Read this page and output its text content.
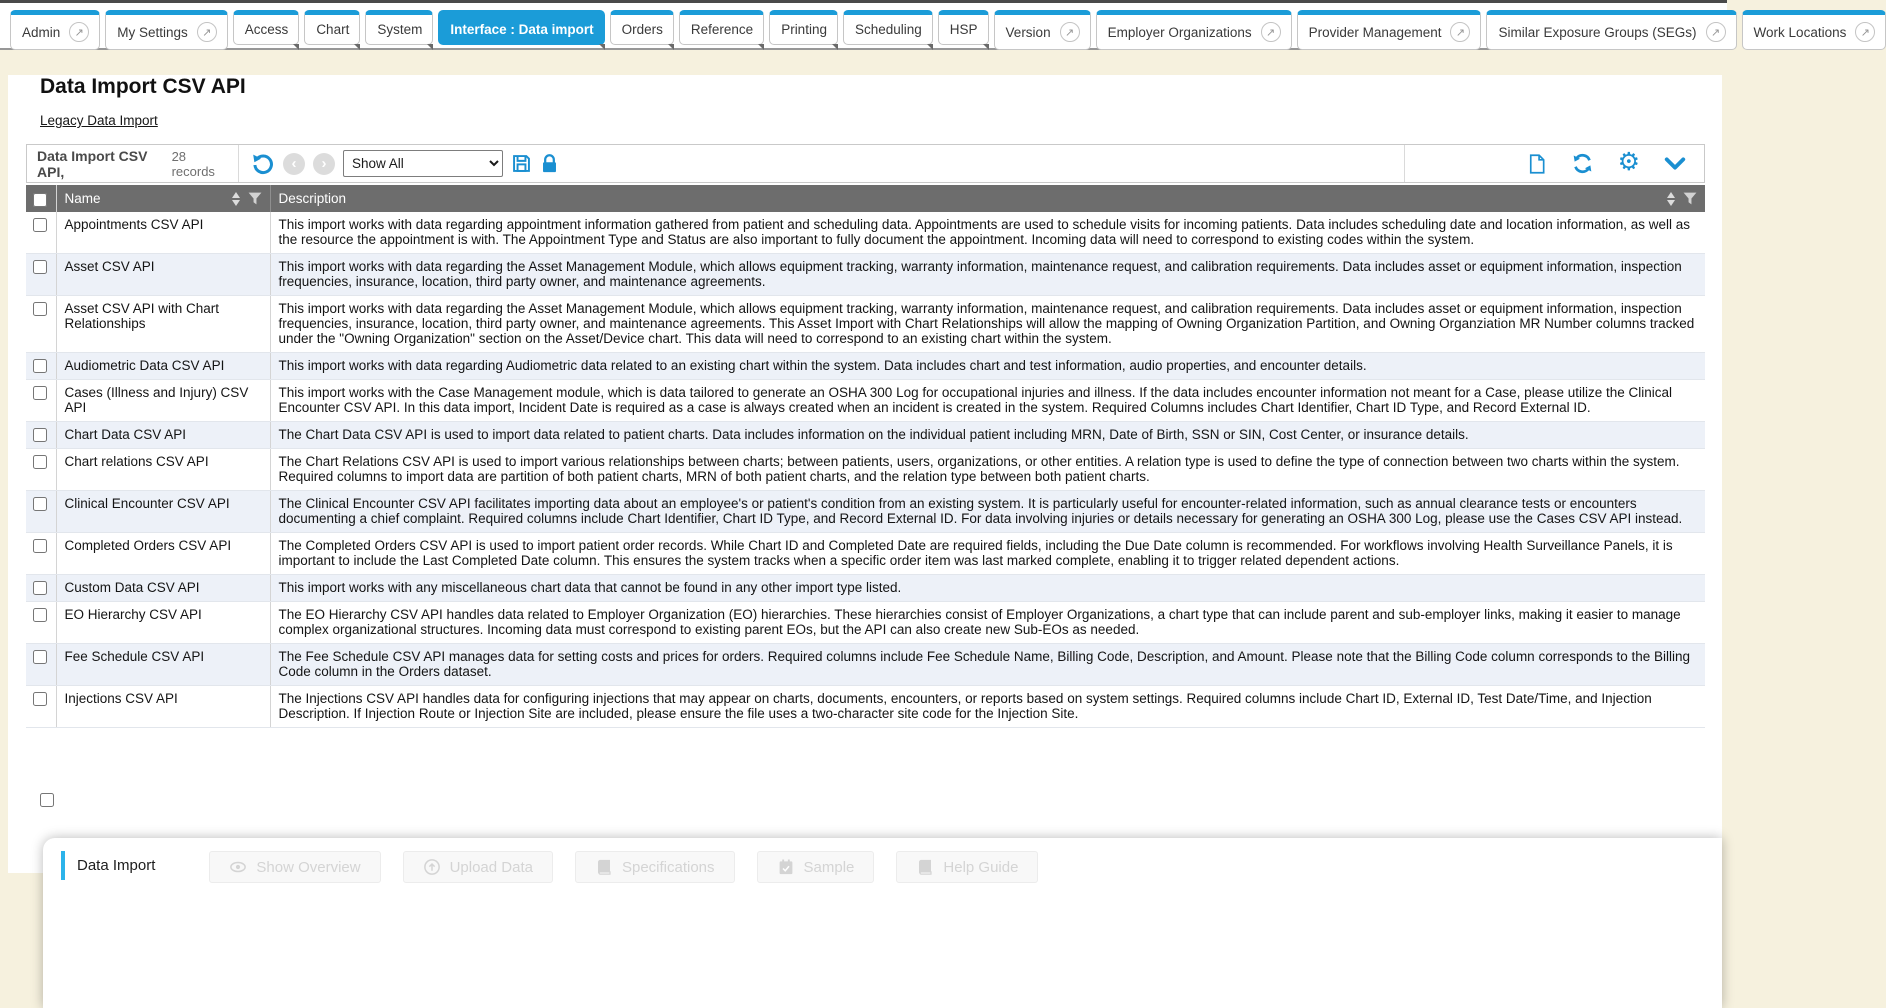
Admin	↗	My Settings	↗	Access Chart System Interface : Data import Orders Reference Printing Scheduling HSP Version	↗	Employer Organizations	↗	Provider Management	↗	Similar Exposure Groups (SEGs)	↗	Work Locations	↗
Data Import CSV API
Legacy Data Import
Data Import CSV API,
28 records	‹	›
Show All	⚙

Name	Description

	Appointments CSV API	This import works with data regarding appointment information gathered from patient and scheduling data. Appointments are used to schedule visits for incoming patients. Data includes scheduling date and location information, as well as the resource the appointment is with. The Appointment Type and Status are also important to fully document the appointment. Incoming data will need to correspond to existing codes within the system.
	Asset CSV API	This import works with data regarding the Asset Management Module, which allows equipment tracking, warranty information, maintenance request, and calibration requirements. Data includes asset or equipment information, inspection frequencies, insurance, location, third party owner, and maintenance agreements.
	Asset CSV API with Chart Relationships	This import works with data regarding the Asset Management Module, which allows equipment tracking, warranty information, maintenance request, and calibration requirements. Data includes asset or equipment information, inspection frequencies, insurance, location, third party owner, and maintenance agreements. This Asset Import with Chart Relationships will allow the mapping of Owning Organization Partition, and Owning Organziation MR Number columns tracked under the "Owning Organization" section on the Asset/Device chart. This data will need to correspond to an existing chart within the system.
	Audiometric Data CSV API	This import works with data regarding Audiometric data related to an existing chart within the system. Data includes chart and test information, audio properties, and encounter details.
	Cases (Illness and Injury) CSV API	This import works with the Case Management module, which is data tailored to generate an OSHA 300 Log for occupational injuries and illness. If the data includes encounter information not meant for a Case, please utilize the Clinical Encounter CSV API. In this data import, Incident Date is required as a case is always created when an incident is created in the system. Required Columns includes Chart Identifier, Chart ID Type, and Record External ID.
	Chart Data CSV API	The Chart Data CSV API is used to import data related to patient charts. Data includes information on the individual patient including MRN, Date of Birth, SSN or SIN, Cost Center, or insurance details.
	Chart relations CSV API	The Chart Relations CSV API is used to import various relationships between charts; between patients, users, organizations, or other entities. A relation type is used to define the type of connection between two charts within the system. Required columns to import data are partition of both patient charts, MRN of both patient charts, and the relation type between both patient charts.
	Clinical Encounter CSV API	The Clinical Encounter CSV API facilitates importing data about an employee's or patient's condition from an existing system. It is particularly useful for encounter-related information, such as annual clearance tests or encounters documenting a chief complaint. Required columns include Chart Identifier, Chart ID Type, and Record External ID. For data involving injuries or details necessary for generating an OSHA 300 Log, please use the Cases CSV API instead.
	Completed Orders CSV API	The Completed Orders CSV API is used to import patient order records. While Chart ID and Completed Date are required fields, including the Due Date column is recommended. For workflows involving Health Surveillance Panels, it is important to include the Last Completed Date column. This ensures the system tracks when a specific order item was last marked complete, enabling it to trigger related dependent actions.
	Custom Data CSV API	This import works with any miscellaneous chart data that cannot be found in any other import type listed.
	EO Hierarchy CSV API	The EO Hierarchy CSV API handles data related to Employer Organization (EO) hierarchies. These hierarchies consist of Employer Organizations, a chart type that can include parent and sub-employer links, making it easier to manage complex organizational structures. Incoming data must correspond to existing parent EOs, but the API can also create new Sub-EOs as needed.
	Fee Schedule CSV API	The Fee Schedule CSV API manages data for setting costs and prices for orders. Required columns include Fee Schedule Name, Billing Code, Description, and Amount. Please note that the Billing Code column corresponds to the Billing Code column in the Orders dataset.
	Injections CSV API	The Injections CSV API handles data for configuring injections that may appear on charts, documents, encounters, or reports based on system settings. Required columns include Chart ID, External ID, Test Date/Time, and Injection Description. If Injection Route or Injection Site are included, please ensure the file uses a two-character site code for the Injection Site.
Data Import	Show Overview	Upload Data	Specifications	Sample	Help Guide
